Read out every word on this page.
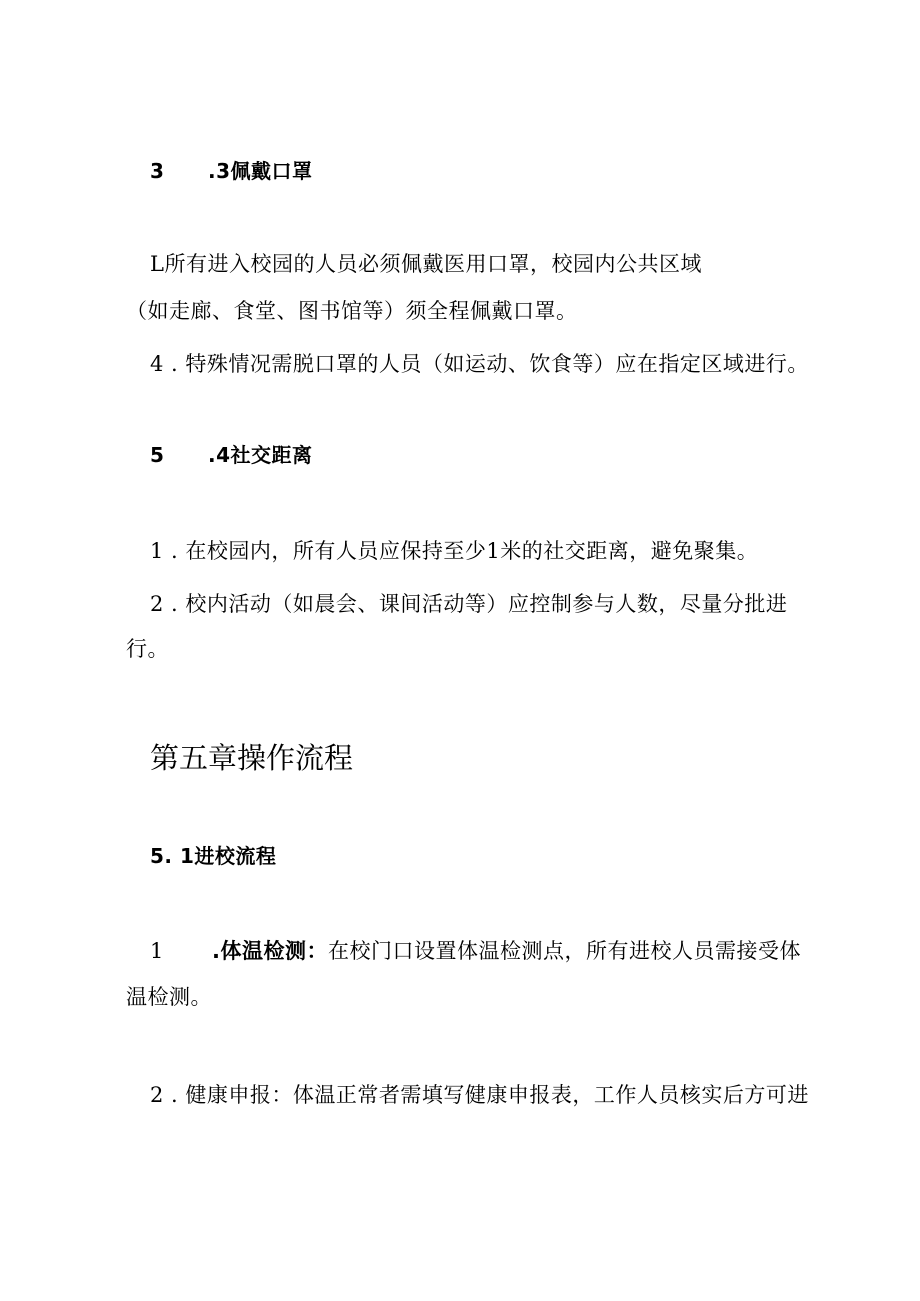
3 .3佩戴口罩
L所有进入校园的人员必须佩戴医用口罩，校园内公共区域
（如走廊、食堂、图书馆等）须全程佩戴口罩。
4 . 特殊情况需脱口罩的人员（如运动、饮食等）应在指定区域进行。
5 .4社交距离
1 . 在校园内，所有人员应保持至少1米的社交距离，避免聚集。
2 . 校内活动（如晨会、课间活动等）应控制参与人数，尽量分批进
行。
第五章操作流程
5. 1进校流程
1 .体温检测：在校门口设置体温检测点，所有进校人员需接受体
温检测。
2 . 健康申报：体温正常者需填写健康申报表，工作人员核实后方可进
